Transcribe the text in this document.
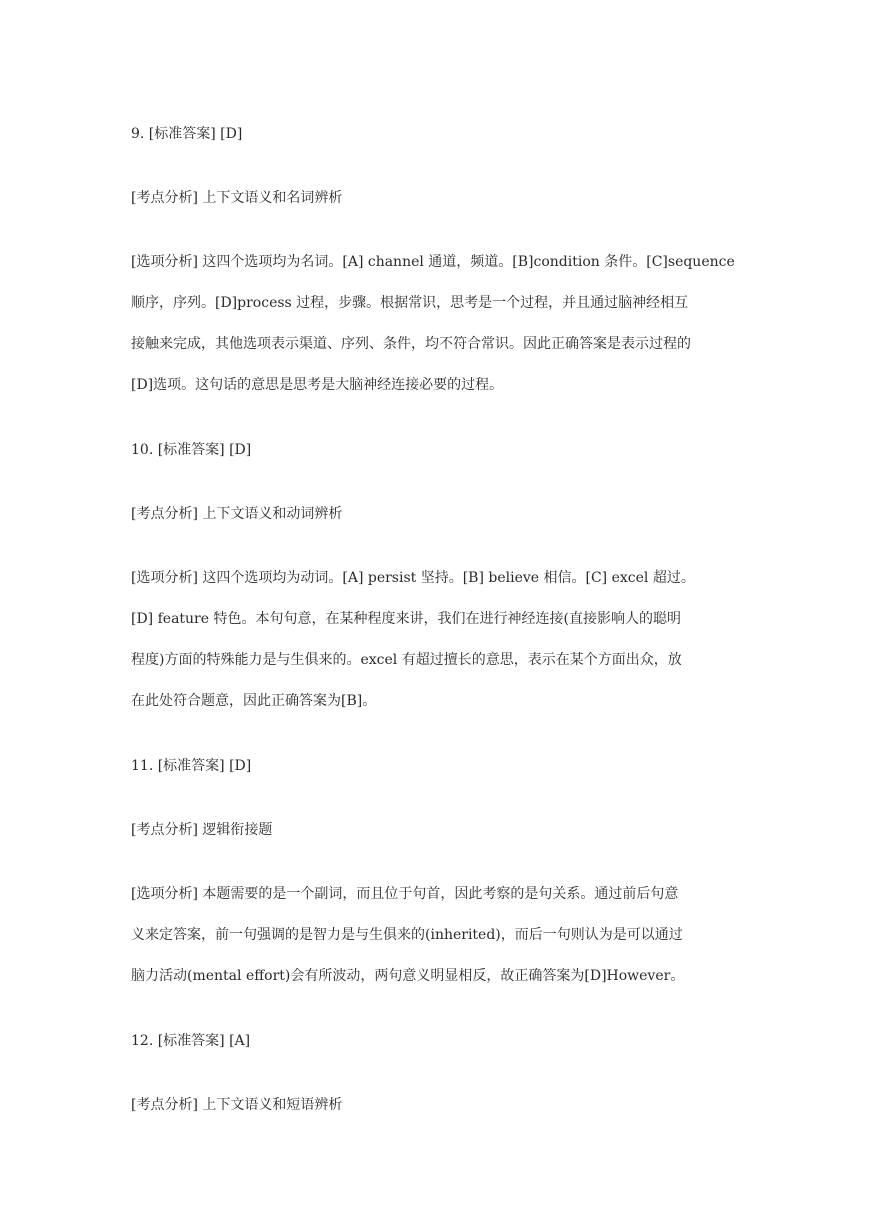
9. [标准答案] [D]
[考点分析] 上下文语义和名词辨析
[选项分析] 这四个选项均为名词。[A] channel 通道，频道。[B]condition 条件。[C]sequence
顺序，序列。[D]process 过程，步骤。根据常识，思考是一个过程，并且通过脑神经相互
接触来完成，其他选项表示渠道、序列、条件，均不符合常识。因此正确答案是表示过程的
[D]选项。这句话的意思是思考是大脑神经连接必要的过程。
10. [标准答案] [D]
[考点分析] 上下文语义和动词辨析
[选项分析] 这四个选项均为动词。[A] persist 坚持。[B] believe 相信。[C] excel 超过。
[D] feature 特色。本句句意，在某种程度来讲，我们在进行神经连接(直接影响人的聪明
程度)方面的特殊能力是与生俱来的。excel 有超过擅长的意思，表示在某个方面出众，放
在此处符合题意，因此正确答案为[B]。
11. [标准答案] [D]
[考点分析] 逻辑衔接题
[选项分析] 本题需要的是一个副词，而且位于句首，因此考察的是句关系。通过前后句意
义来定答案，前一句强调的是智力是与生俱来的(inherited)，而后一句则认为是可以通过
脑力活动(mental effort)会有所波动，两句意义明显相反，故正确答案为[D]However。
12. [标准答案] [A]
[考点分析] 上下文语义和短语辨析
